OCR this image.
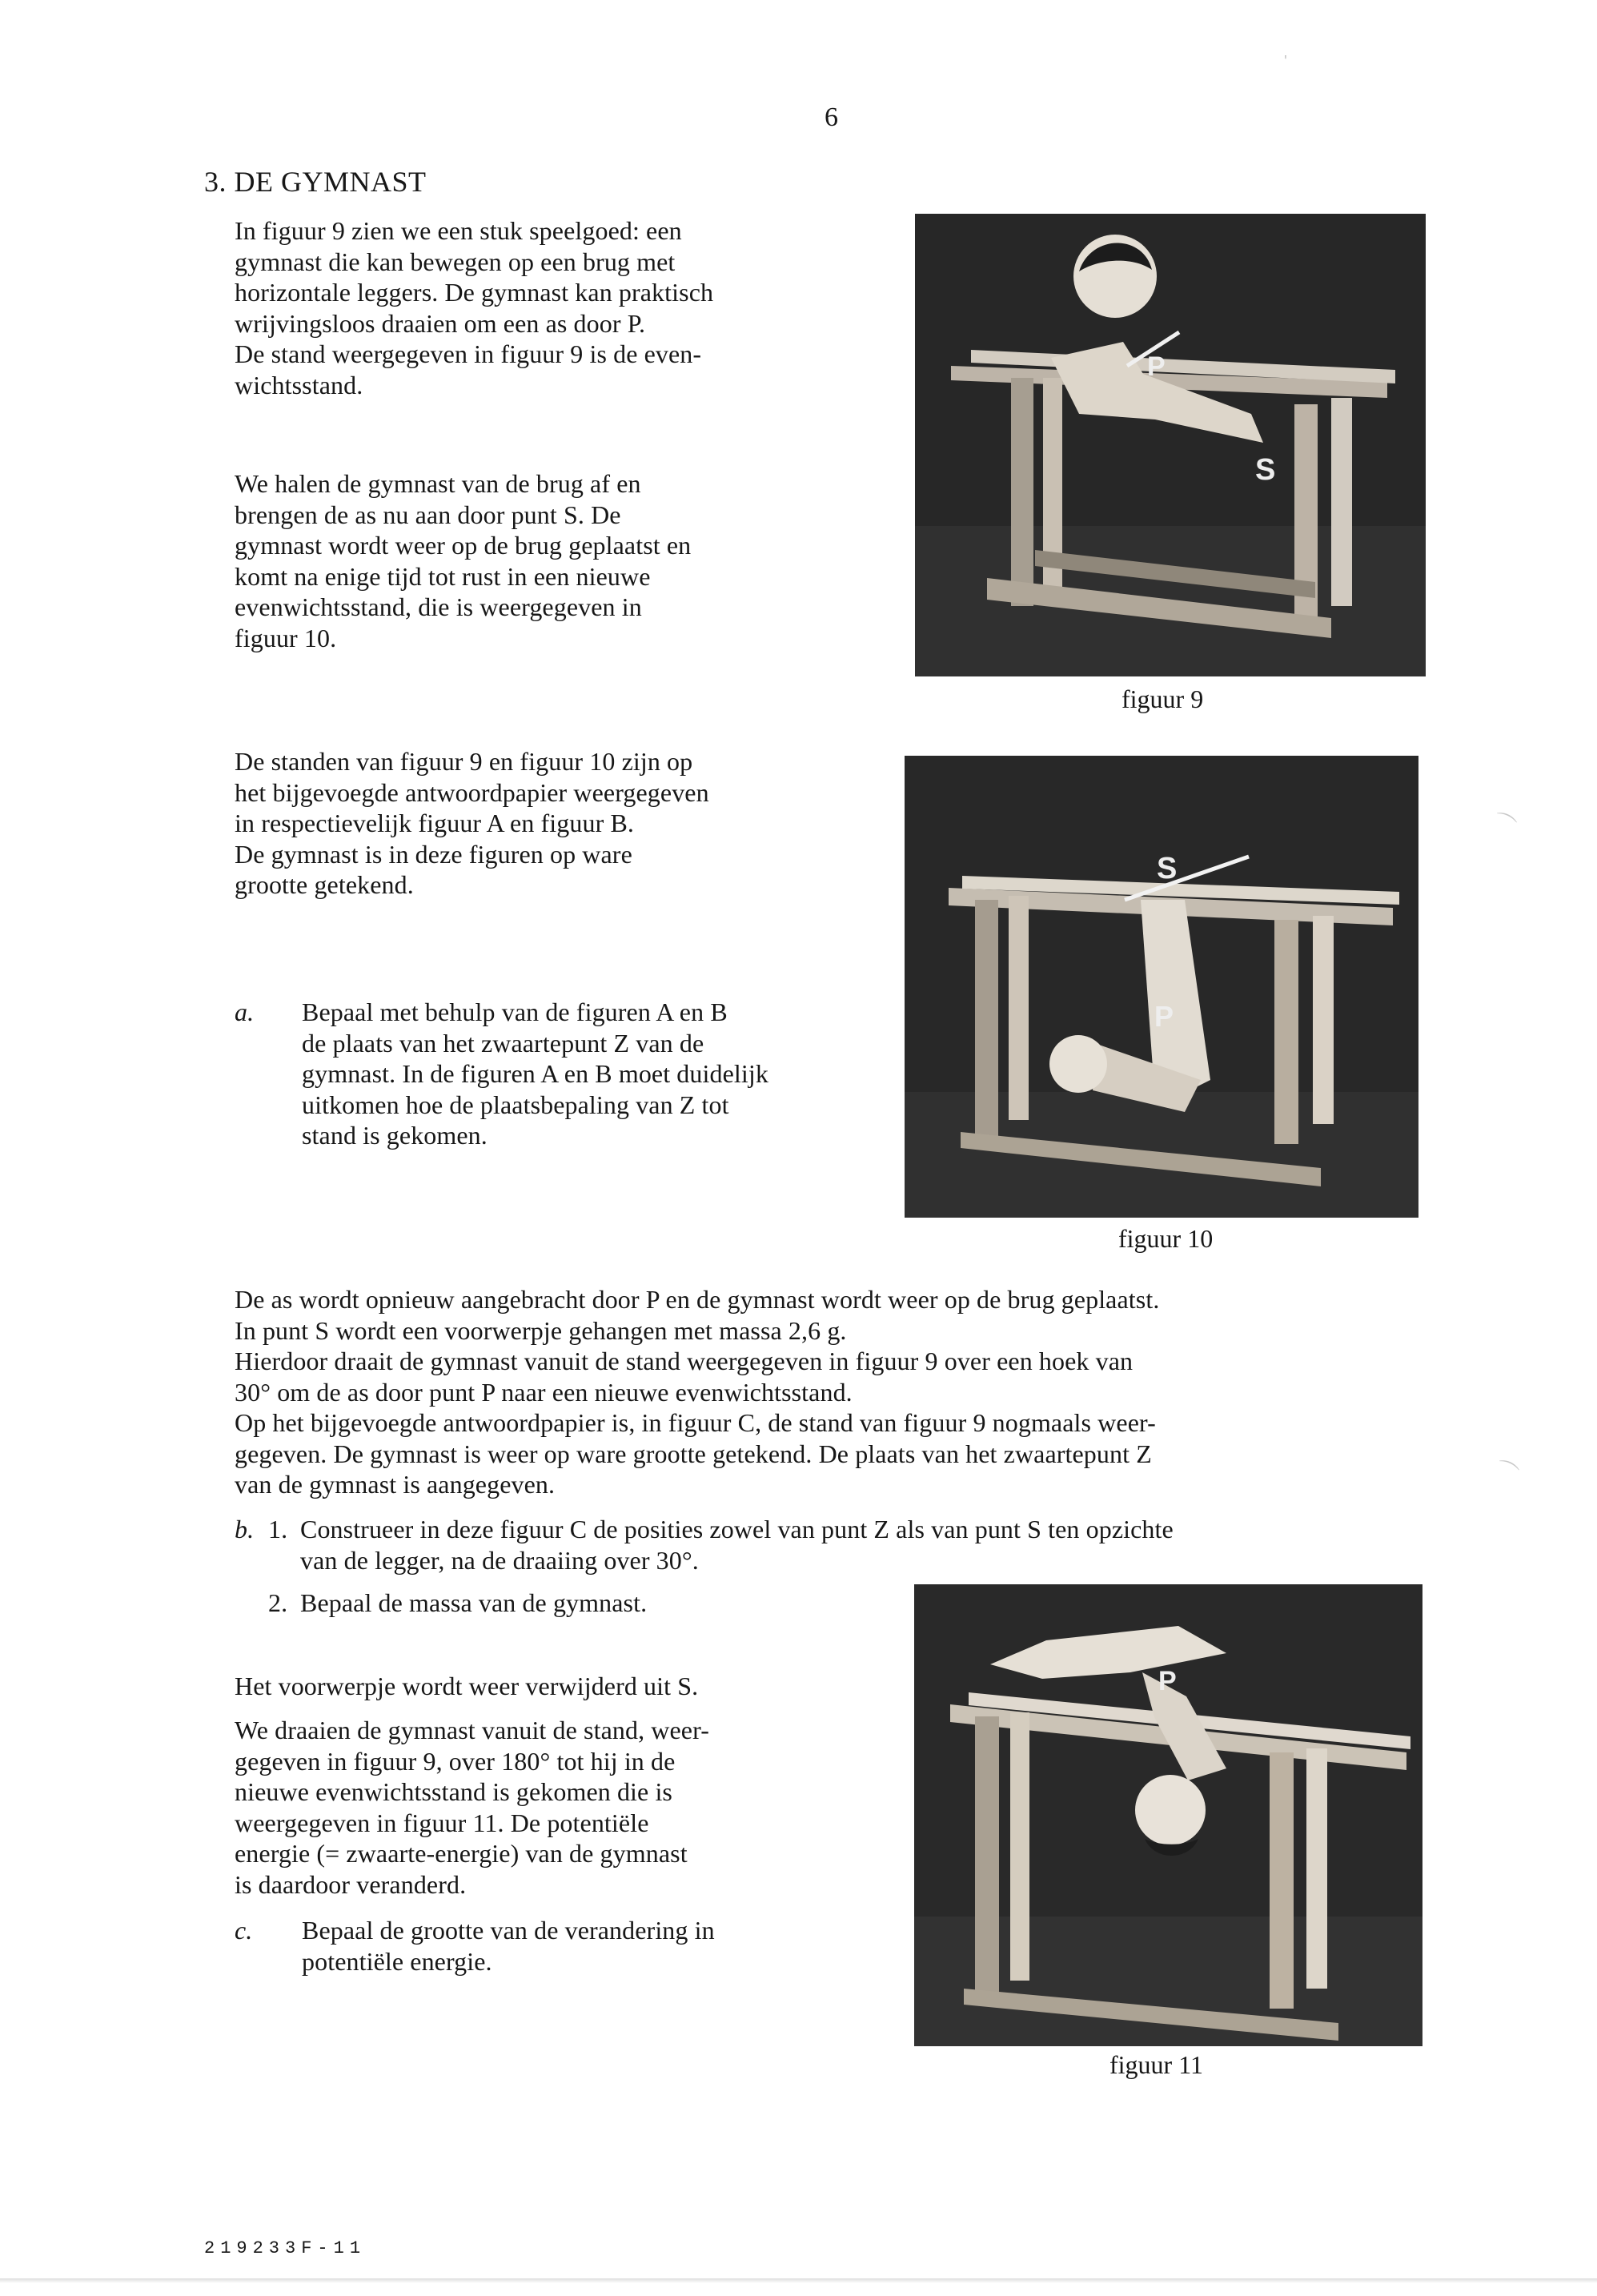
6
'
⌒
⌒
3. DE GYMNAST
In figuur 9 zien we een stuk speelgoed: een
gymnast die kan bewegen op een brug met
horizontale leggers. De gymnast kan praktisch
wrijvingsloos draaien om een as door P.
De stand weergegeven in figuur 9 is de even-
wichtsstand.
We halen de gymnast van de brug af en
brengen de as nu aan door punt S. De
gymnast wordt weer op de brug geplaatst en
komt na enige tijd tot rust in een nieuwe
evenwichtsstand, die is weergegeven in
figuur 10.
De standen van figuur 9 en figuur 10 zijn op
het bijgevoegde antwoordpapier weergegeven
in respectievelijk figuur A en figuur B.
De gymnast is in deze figuren op ware
grootte getekend.
a.	Bepaal met behulp van de figuren A en B
de plaats van het zwaartepunt Z van de
gymnast. In de figuren A en B moet duidelijk
uitkomen hoe de plaatsbepaling van Z tot
stand is gekomen.
De as wordt opnieuw aangebracht door P en de gymnast wordt weer op de brug geplaatst.
In punt S wordt een voorwerpje gehangen met massa 2,6 g.
Hierdoor draait de gymnast vanuit de stand weergegeven in figuur 9 over een hoek van
30° om de as door punt P naar een nieuwe evenwichtsstand.
Op het bijgevoegde antwoordpapier is, in figuur C, de stand van figuur 9 nogmaals weer-
gegeven. De gymnast is weer op ware grootte getekend. De plaats van het zwaartepunt Z
van de gymnast is aangegeven.
b. 1. Construeer in deze figuur C de posities zowel van punt Z als van punt S ten opzichte
van de legger, na de draaiing over 30°.
2. Bepaal de massa van de gymnast.
Het voorwerpje wordt weer verwijderd uit S.
We draaien de gymnast vanuit de stand, weer-
gegeven in figuur 9, over 180° tot hij in de
nieuwe evenwichtsstand is gekomen die is
weergegeven in figuur 11. De potentiële
energie (= zwaarte-energie) van de gymnast
is daardoor veranderd.
c.	Bepaal de grootte van de verandering in
potentiële energie.
P
S
figuur 9
S
P
figuur 10
P
figuur 11
219233F-11
